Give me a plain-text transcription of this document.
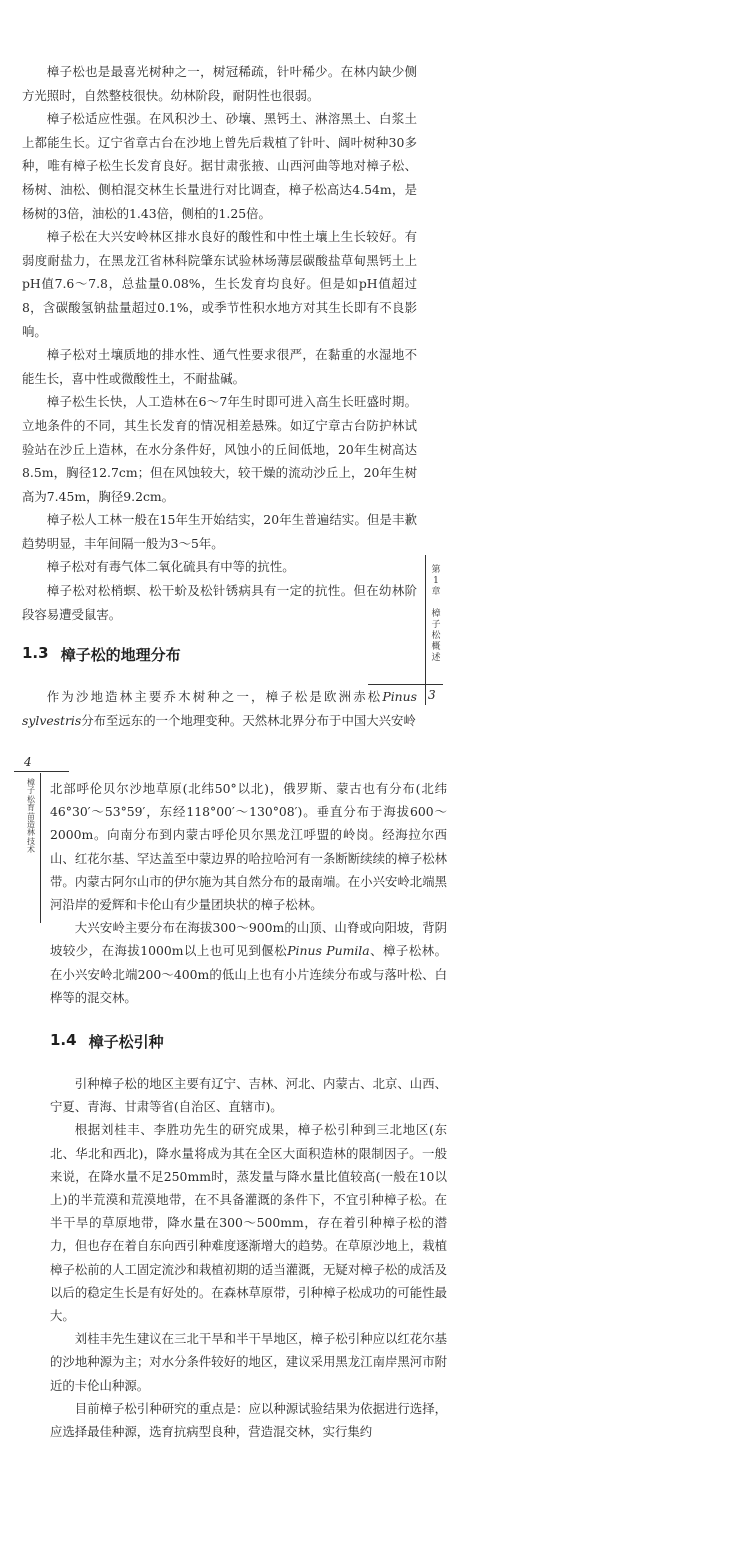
樟子松也是最喜光树种之一，树冠稀疏，针叶稀少。在林内缺少侧方光照时，自然整枝很快。幼林阶段，耐阴性也很弱。

樟子松适应性强。在风积沙土、砂壤、黑钙土、淋溶黑土、白浆土上都能生长。辽宁省章古台在沙地上曾先后栽植了针叶、阔叶树种30多种，唯有樟子松生长发育良好。据甘肃张掖、山西河曲等地对樟子松、杨树、油松、侧柏混交林生长量进行对比调查，樟子松高达4.54m，是杨树的3倍，油松的1.43倍，侧柏的1.25倍。

樟子松在大兴安岭林区排水良好的酸性和中性土壤上生长较好。有弱度耐盐力，在黑龙江省林科院肇东试验林场薄层碳酸盐草甸黑钙土上pH值7.6～7.8，总盐量0.08%，生长发育均良好。但是如pH值超过8，含碳酸氢钠盐量超过0.1%，或季节性积水地方对其生长即有不良影响。

樟子松对土壤质地的排水性、通气性要求很严，在黏重的水湿地不能生长，喜中性或微酸性土，不耐盐碱。

樟子松生长快，人工造林在6～7年生时即可进入高生长旺盛时期。立地条件的不同，其生长发育的情况相差悬殊。如辽宁章古台防护林试验站在沙丘上造林，在水分条件好，风蚀小的丘间低地，20年生树高达8.5m，胸径12.7cm；但在风蚀较大，较干燥的流动沙丘上，20年生树高为7.45m，胸径9.2cm。

樟子松人工林一般在15年生开始结实，20年生普遍结实。但是丰歉趋势明显，丰年间隔一般为3～5年。

樟子松对有毒气体二氧化硫具有中等的抗性。

樟子松对松梢螟、松干蚧及松针锈病具有一定的抗性。但在幼林阶段容易遭受鼠害。

1.3 樟子松的地理分布

作为沙地造林主要乔木树种之一，樟子松是欧洲赤松Pinus sylvestris分布至远东的一个地理变种。天然林北界分布于中国大兴安岭

第
1
章

樟
子
松
概
述
3
4
樟
子
松
育
苗
造
林
技
术

北部呼伦贝尔沙地草原(北纬50°以北)，俄罗斯、蒙古也有分布(北纬46°30′～53°59′，东经118°00′～130°08′)。垂直分布于海拔600～2000m。向南分布到内蒙古呼伦贝尔黑龙江呼盟的岭岗。经海拉尔西山、红花尔基、罕达盖至中蒙边界的哈拉哈河有一条断断续续的樟子松林带。内蒙古阿尔山市的伊尔施为其自然分布的最南端。在小兴安岭北端黑河沿岸的爱辉和卡伦山有少量团块状的樟子松林。

大兴安岭主要分布在海拔300～900m的山顶、山脊或向阳坡，背阴坡较少，在海拔1000m以上也可见到偃松Pinus Pumila、樟子松林。在小兴安岭北端200～400m的低山上也有小片连续分布或与落叶松、白桦等的混交林。

1.4 樟子松引种

引种樟子松的地区主要有辽宁、吉林、河北、内蒙古、北京、山西、宁夏、青海、甘肃等省(自治区、直辖市)。

根据刘桂丰、李胜功先生的研究成果，樟子松引种到三北地区(东北、华北和西北)，降水量将成为其在全区大面积造林的限制因子。一般来说，在降水量不足250mm时，蒸发量与降水量比值较高(一般在10以上)的半荒漠和荒漠地带，在不具备灌溉的条件下，不宜引种樟子松。在半干旱的草原地带，降水量在300～500mm，存在着引种樟子松的潜力，但也存在着自东向西引种难度逐渐增大的趋势。在草原沙地上，栽植樟子松前的人工固定流沙和栽植初期的适当灌溉，无疑对樟子松的成活及以后的稳定生长是有好处的。在森林草原带，引种樟子松成功的可能性最大。

刘桂丰先生建议在三北干旱和半干旱地区，樟子松引种应以红花尔基的沙地种源为主；对水分条件较好的地区，建议采用黑龙江南岸黑河市附近的卡伦山种源。

目前樟子松引种研究的重点是：应以种源试验结果为依据进行选择，应选择最佳种源，选育抗病型良种，营造混交林，实行集约
